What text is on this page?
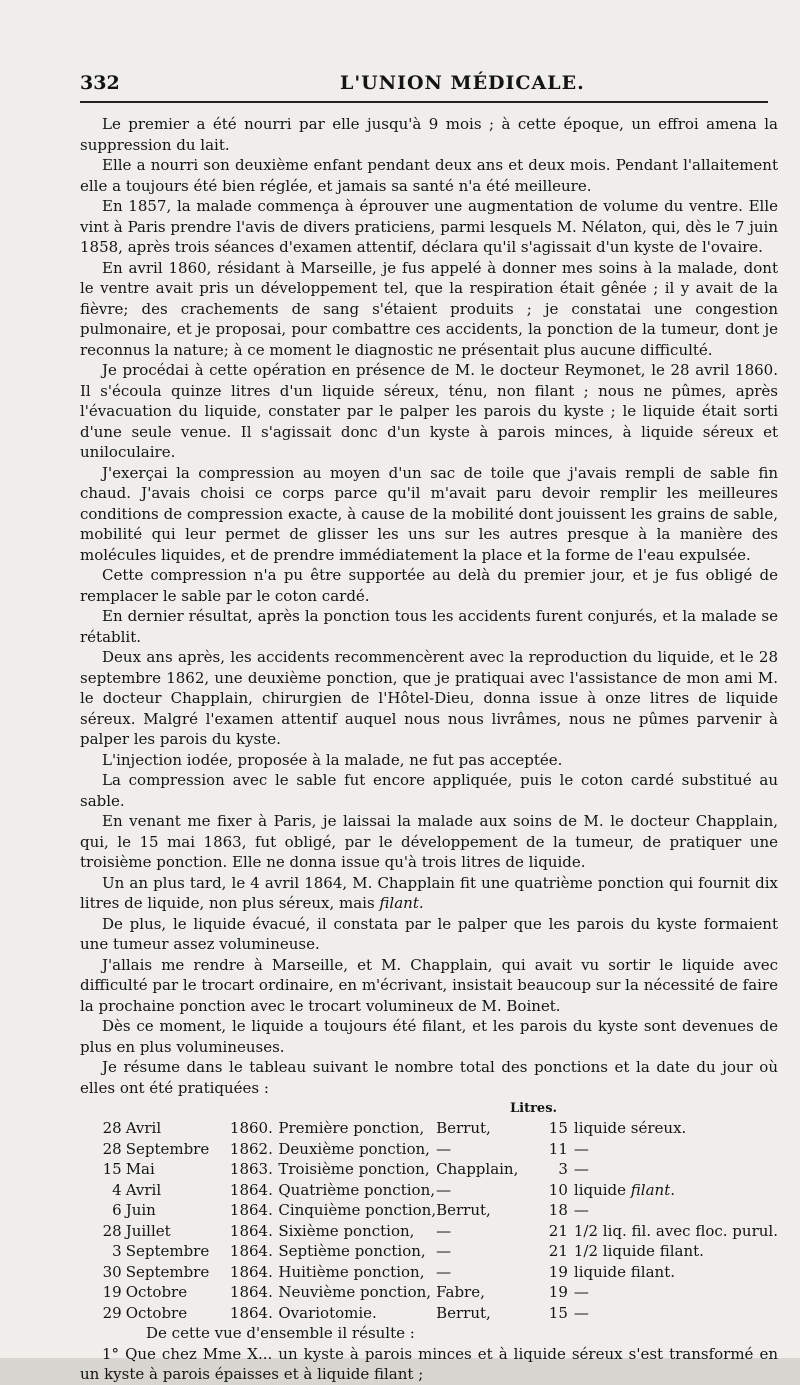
332	L'UNION MÉDICALE.

Le premier a été nourri par elle jusqu'à 9 mois ; à cette époque, un effroi amena la suppression du lait.

Elle a nourri son deuxième enfant pendant deux ans et deux mois. Pendant l'allaitement elle a toujours été bien réglée, et jamais sa santé n'a été meilleure.

En 1857, la malade commença à éprouver une augmentation de volume du ventre. Elle vint à Paris prendre l'avis de divers praticiens, parmi lesquels M. Nélaton, qui, dès le 7 juin 1858, après trois séances d'examen attentif, déclara qu'il s'agissait d'un kyste de l'ovaire.

En avril 1860, résidant à Marseille, je fus appelé à donner mes soins à la malade, dont le ventre avait pris un développement tel, que la respiration était gênée ; il y avait de la fièvre; des crachements de sang s'étaient produits ; je constatai une congestion pulmonaire, et je proposai, pour combattre ces accidents, la ponction de la tumeur, dont je reconnus la nature; à ce moment le diagnostic ne présentait plus aucune difficulté.

Je procédai à cette opération en présence de M. le docteur Reymonet, le 28 avril 1860. Il s'écoula quinze litres d'un liquide séreux, ténu, non filant ; nous ne pûmes, après l'évacuation du liquide, constater par le palper les parois du kyste ; le liquide était sorti d'une seule venue. Il s'agissait donc d'un kyste à parois minces, à liquide séreux et uniloculaire.

J'exerçai la compression au moyen d'un sac de toile que j'avais rempli de sable fin chaud. J'avais choisi ce corps parce qu'il m'avait paru devoir remplir les meilleures conditions de compression exacte, à cause de la mobilité dont jouissent les grains de sable, mobilité qui leur permet de glisser les uns sur les autres presque à la manière des molécules liquides, et de prendre immédiatement la place et la forme de l'eau expulsée.

Cette compression n'a pu être supportée au delà du premier jour, et je fus obligé de remplacer le sable par le coton cardé.

En dernier résultat, après la ponction tous les accidents furent conjurés, et la malade se rétablit.

Deux ans après, les accidents recommencèrent avec la reproduction du liquide, et le 28 septembre 1862, une deuxième ponction, que je pratiquai avec l'assistance de mon ami M. le docteur Chapplain, chirurgien de l'Hôtel-Dieu, donna issue à onze litres de liquide séreux. Malgré l'examen attentif auquel nous nous livrâmes, nous ne pûmes parvenir à palper les parois du kyste.

L'injection iodée, proposée à la malade, ne fut pas acceptée.

La compression avec le sable fut encore appliquée, puis le coton cardé substitué au sable.

En venant me fixer à Paris, je laissai la malade aux soins de M. le docteur Chapplain, qui, le 15 mai 1863, fut obligé, par le développement de la tumeur, de pratiquer une troisième ponction. Elle ne donna issue qu'à trois litres de liquide.

Un an plus tard, le 4 avril 1864, M. Chapplain fit une quatrième ponction qui fournit dix litres de liquide, non plus séreux, mais filant.

De plus, le liquide évacué, il constata par le palper que les parois du kyste formaient une tumeur assez volumineuse.

J'allais me rendre à Marseille, et M. Chapplain, qui avait vu sortir le liquide avec difficulté par le trocart ordinaire, en m'écrivant, insistait beaucoup sur la nécessité de faire la prochaine ponction avec le trocart volumineux de M. Boinet.

Dès ce moment, le liquide a toujours été filant, et les parois du kyste sont devenues de plus en plus volumineuses.

Je résume dans le tableau suivant le nombre total des ponctions et la date du jour où elles ont été pratiquées :

Litres.
28	Avril	1860.	Première ponction,	Berrut,	15	liquide séreux.
28	Septembre	1862.	Deuxième ponction,	—	11	—
15	Mai	1863.	Troisième ponction,	Chapplain,	3	—
4	Avril	1864.	Quatrième ponction,	—	10	liquide filant.
6	Juin	1864.	Cinquième ponction,	Berrut,	18	—
28	Juillet	1864.	Sixième ponction,	—	21	1/2 liq. fil. avec floc. purul.
3	Septembre	1864.	Septième ponction,	—	21	1/2 liquide filant.
30	Septembre	1864.	Huitième ponction,	—	19	liquide filant.
19	Octobre	1864.	Neuvième ponction,	Fabre,	19	—
29	Octobre	1864.	Ovariotomie.	Berrut,	15	—

De cette vue d'ensemble il résulte :

1° Que chez Mme X... un kyste à parois minces et à liquide séreux s'est transformé en un kyste à parois épaisses et à liquide filant ;
